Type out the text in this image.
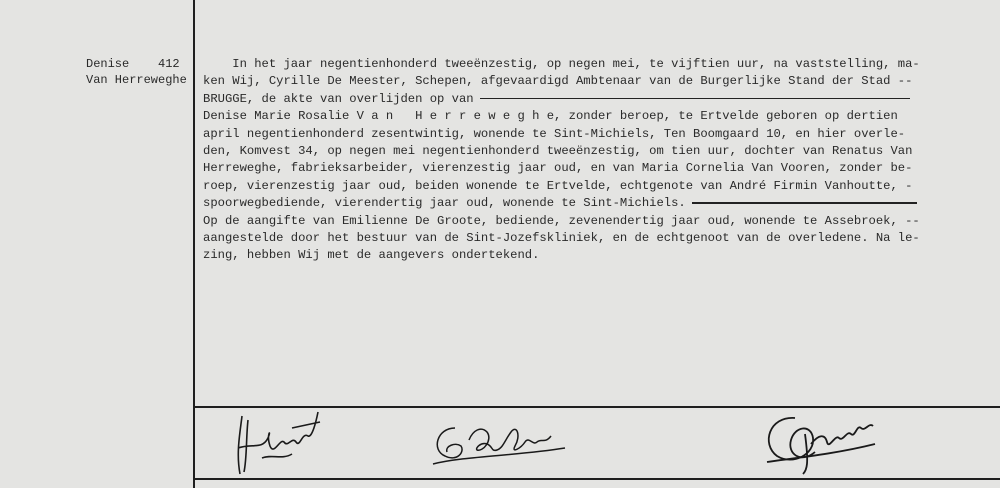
Denise 412
Van Herreweghe
In het jaar negentienhonderd tweeënzestig, op negen mei, te vijftien uur, na vaststelling, ma-
ken Wij, Cyrille De Meester, Schepen, afgevaardigd Ambtenaar van de Burgerlijke Stand der Stad --
BRUGGE, de akte van overlijden op van
Denise Marie Rosalie V a n   H e r r e w e g h e, zonder beroep, te Ertvelde geboren op dertien
april negentienhonderd zesentwintig, wonende te Sint-Michiels, Ten Boomgaard 10, en hier overle-
den, Komvest 34, op negen mei negentienhonderd tweeënzestig, om tien uur, dochter van Renatus Van
Herreweghe, fabrieksarbeider, vierenzestig jaar oud, en van Maria Cornelia Van Vooren, zonder be-
roep, vierenzestig jaar oud, beiden wonende te Ertvelde, echtgenote van André Firmin Vanhoutte, -
spoorwegbediende, vierendertig jaar oud, wonende te Sint-Michiels.
Op de aangifte van Emilienne De Groote, bediende, zevenendertig jaar oud, wonende te Assebroek, --
aangestelde door het bestuur van de Sint-Jozefskliniek, en de echtgenoot van de overledene. Na le-
zing, hebben Wij met de aangevers ondertekend.
